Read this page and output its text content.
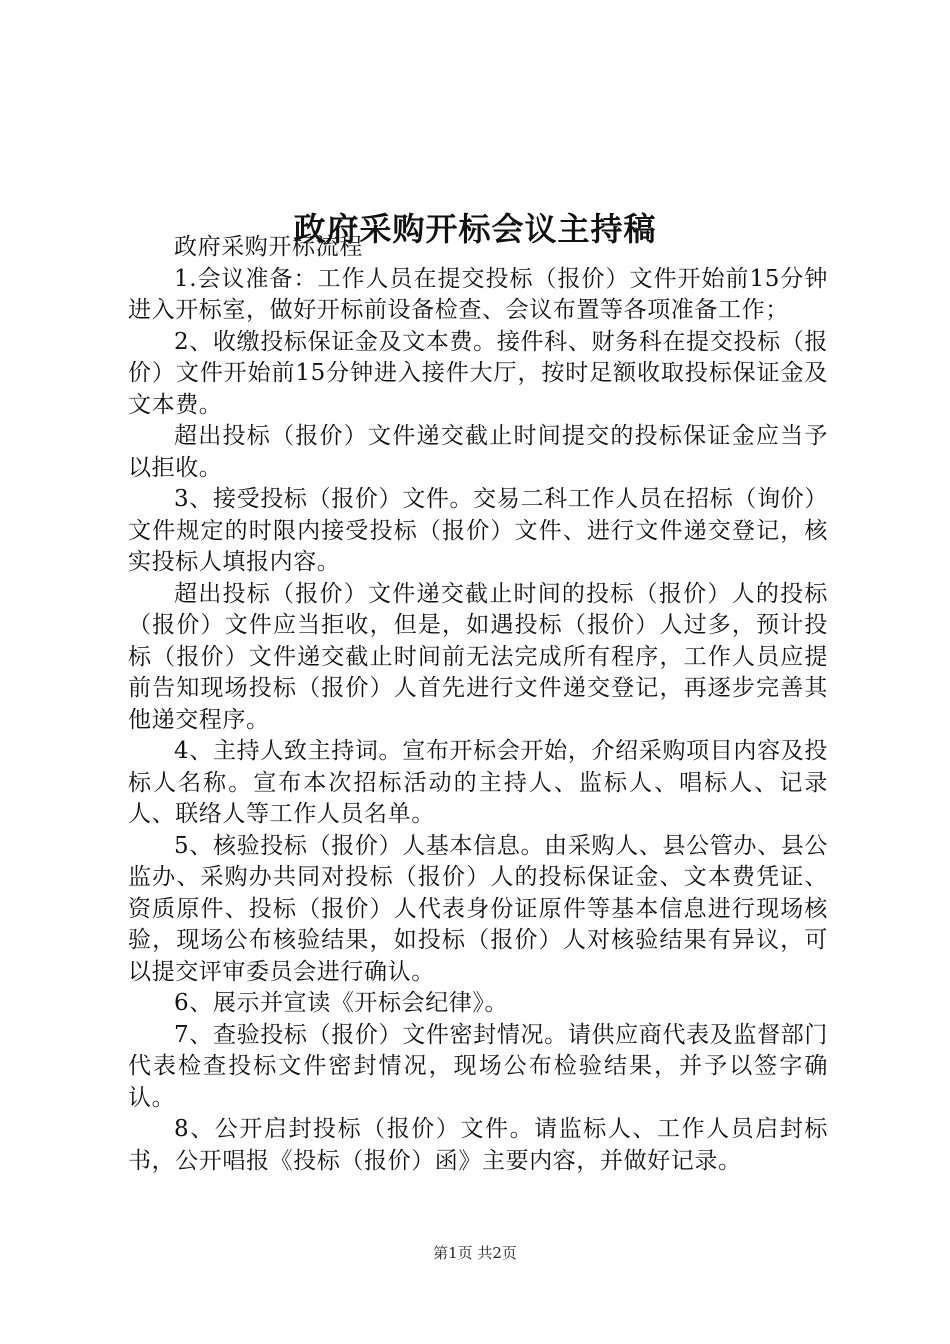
政府采购开标会议主持稿

政府采购开标流程

1.会议准备：工作人员在提交投标（报价）文件开始前15分钟进入开标室，做好开标前设备检查、会议布置等各项准备工作；

2、收缴投标保证金及文本费。接件科、财务科在提交投标（报价）文件开始前15分钟进入接件大厅，按时足额收取投标保证金及文本费。

超出投标（报价）文件递交截止时间提交的投标保证金应当予以拒收。

3、接受投标（报价）文件。交易二科工作人员在招标（询价）文件规定的时限内接受投标（报价）文件、进行文件递交登记，核实投标人填报内容。

超出投标（报价）文件递交截止时间的投标（报价）人的投标（报价）文件应当拒收，但是，如遇投标（报价）人过多，预计投标（报价）文件递交截止时间前无法完成所有程序，工作人员应提前告知现场投标（报价）人首先进行文件递交登记，再逐步完善其他递交程序。

4、主持人致主持词。宣布开标会开始，介绍采购项目内容及投标人名称。宣布本次招标活动的主持人、监标人、唱标人、记录人、联络人等工作人员名单。

5、核验投标（报价）人基本信息。由采购人、县公管办、县公监办、采购办共同对投标（报价）人的投标保证金、文本费凭证、资质原件、投标（报价）人代表身份证原件等基本信息进行现场核验，现场公布核验结果，如投标（报价）人对核验结果有异议，可以提交评审委员会进行确认。

6、展示并宣读《开标会纪律》。

7、查验投标（报价）文件密封情况。请供应商代表及监督部门代表检查投标文件密封情况，现场公布检验结果，并予以签字确认。

8、公开启封投标（报价）文件。请监标人、工作人员启封标书，公开唱报《投标（报价）函》主要内容，并做好记录。

第1页 共2页
